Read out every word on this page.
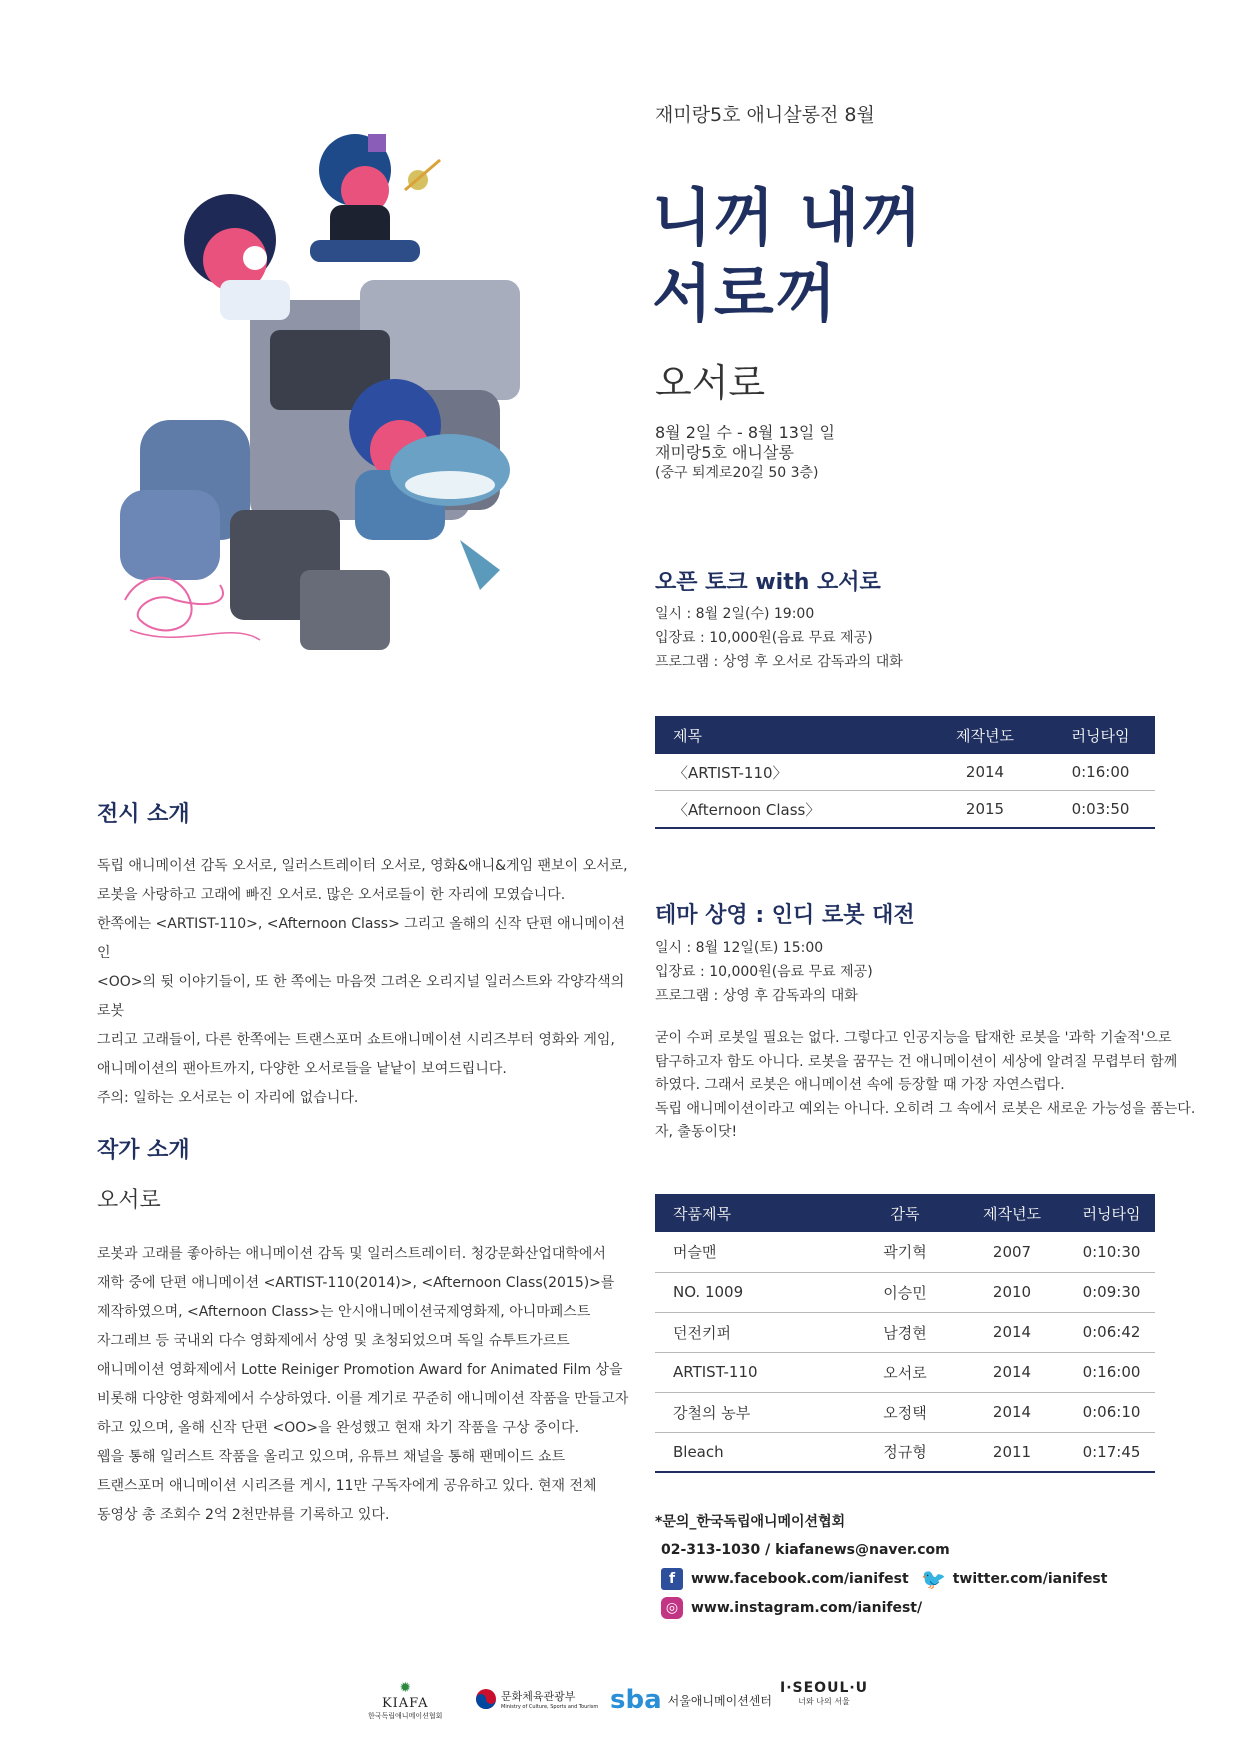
재미랑5호 애니살롱전 8월
니꺼 내꺼
서로꺼
오서로
8월 2일 수 - 8월 13일 일
재미랑5호 애니살롱
(중구 퇴계로20길 50 3층)
오픈 토크 with 오서로
일시 : 8월 2일(수) 19:00
입장료 : 10,000원(음료 무료 제공)
프로그램 : 상영 후 오서로 감독과의 대화
제목	제작년도	러닝타임
〈ARTIST-110〉	2014	0:16:00
〈Afternoon Class〉	2015	0:03:50
테마 상영 : 인디 로봇 대전
일시 : 8월 12일(토) 15:00
입장료 : 10,000원(음료 무료 제공)
프로그램 : 상영 후 감독과의 대화
굳이 수퍼 로봇일 필요는 없다. 그렇다고 인공지능을 탑재한 로봇을 '과학 기술적'으로
탐구하고자 함도 아니다. 로봇을 꿈꾸는 건 애니메이션이 세상에 알려질 무렵부터 함께
하였다. 그래서 로봇은 애니메이션 속에 등장할 때 가장 자연스럽다.
독립 애니메이션이라고 예외는 아니다. 오히려 그 속에서 로봇은 새로운 가능성을 품는다.
자, 출동이닷!
작품제목	감독	제작년도	러닝타임
머슬맨	곽기혁	2007	0:10:30
NO. 1009	이승민	2010	0:09:30
던전키퍼	남경현	2014	0:06:42
ARTIST-110	오서로	2014	0:16:00
강철의 농부	오정택	2014	0:06:10
Bleach	정규형	2011	0:17:45
전시 소개
독립 애니메이션 감독 오서로, 일러스트레이터 오서로, 영화&애니&게임 팬보이 오서로,
로봇을 사랑하고 고래에 빠진 오서로. 많은 오서로들이 한 자리에 모였습니다.
한쪽에는 <ARTIST-110>, <Afternoon Class> 그리고 올해의 신작 단편 애니메이션인
<OO>의 뒷 이야기들이, 또 한 쪽에는 마음껏 그려온 오리지널 일러스트와 각양각색의 로봇
그리고 고래들이, 다른 한쪽에는 트랜스포머 쇼트애니메이션 시리즈부터 영화와 게임,
애니메이션의 팬아트까지, 다양한 오서로들을 낱낱이 보여드립니다.
주의: 일하는 오서로는 이 자리에 없습니다.
작가 소개
오서로
로봇과 고래를 좋아하는 애니메이션 감독 및 일러스트레이터. 청강문화산업대학에서
재학 중에 단편 애니메이션 <ARTIST-110(2014)>, <Afternoon Class(2015)>를
제작하였으며, <Afternoon Class>는 안시애니메이션국제영화제, 아니마페스트
자그레브 등 국내외 다수 영화제에서 상영 및 초청되었으며 독일 슈투트가르트
애니메이션 영화제에서 Lotte Reiniger Promotion Award for Animated Film 상을
비롯해 다양한 영화제에서 수상하였다. 이를 계기로 꾸준히 애니메이션 작품을 만들고자
하고 있으며, 올해 신작 단편 <OO>을 완성했고 현재 차기 작품을 구상 중이다.
웹을 통해 일러스트 작품을 올리고 있으며, 유튜브 채널을 통해 팬메이드 쇼트
트랜스포머 애니메이션 시리즈를 게시, 11만 구독자에게 공유하고 있다. 현재 전체
동영상 총 조회수 2억 2천만뷰를 기록하고 있다.	*문의_한국독립애니메이션협회
02-313-1030 / kiafanews@naver.com
f	www.facebook.com/ianifest 🐦 twitter.com/ianifest
◎ www.instagram.com/ianifest/
✹
KIAFA
한국독립애니메이션협회
문화체육관광부
Ministry of Culture, Sports and Tourism sba 서울애니메이션센터
I·SEOUL·U
너와 나의 서울
